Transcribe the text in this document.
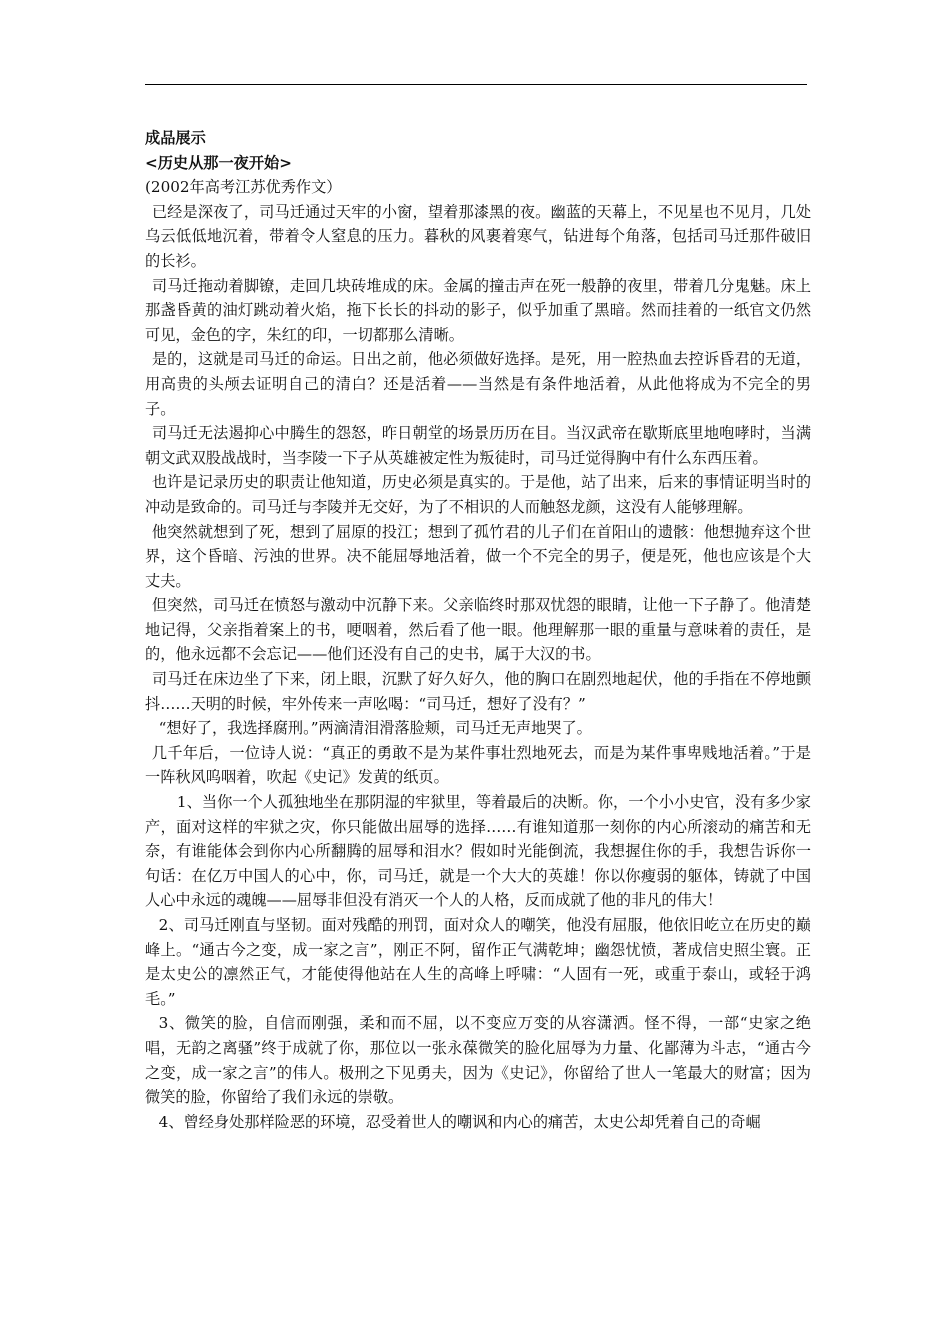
成品展示

<历史从那一夜开始>

(2002年高考江苏优秀作文）

已经是深夜了，司马迁通过天牢的小窗，望着那漆黑的夜。幽蓝的天幕上，不见星也不见月，几处乌云低低地沉着，带着令人窒息的压力。暮秋的风裹着寒气，钻进每个角落，包括司马迁那件破旧的长衫。

司马迁拖动着脚镣，走回几块砖堆成的床。金属的撞击声在死一般静的夜里，带着几分鬼魅。床上那盏昏黄的油灯跳动着火焰，拖下长长的抖动的影子，似乎加重了黑暗。然而挂着的一纸官文仍然可见，金色的字，朱红的印，一切都那么清晰。

是的，这就是司马迁的命运。日出之前，他必须做好选择。是死，用一腔热血去控诉昏君的无道，用高贵的头颅去证明自己的清白？还是活着——当然是有条件地活着，从此他将成为不完全的男子。

司马迁无法遏抑心中腾生的怨怒，昨日朝堂的场景历历在目。当汉武帝在歇斯底里地咆哮时，当满朝文武双股战战时，当李陵一下子从英雄被定性为叛徒时，司马迁觉得胸中有什么东西压着。

也许是记录历史的职责让他知道，历史必须是真实的。于是他，站了出来，后来的事情证明当时的冲动是致命的。司马迁与李陵并无交好，为了不相识的人而触怒龙颜，这没有人能够理解。

他突然就想到了死，想到了屈原的投江；想到了孤竹君的儿子们在首阳山的遗骸：他想抛弃这个世界，这个昏暗、污浊的世界。决不能屈辱地活着，做一个不完全的男子，便是死，他也应该是个大丈夫。

但突然，司马迁在愤怒与激动中沉静下来。父亲临终时那双忧怨的眼睛，让他一下子静了。他清楚地记得，父亲指着案上的书，哽咽着，然后看了他一眼。他理解那一眼的重量与意味着的责任，是的，他永远都不会忘记——他们还没有自己的史书，属于大汉的书。

司马迁在床边坐了下来，闭上眼，沉默了好久好久，他的胸口在剧烈地起伏，他的手指在不停地颤抖……天明的时候，牢外传来一声吆喝：“司马迁，想好了没有？”

“想好了，我选择腐刑。”两滴清泪滑落脸颊，司马迁无声地哭了。

几千年后，一位诗人说：“真正的勇敢不是为某件事壮烈地死去，而是为某件事卑贱地活着。”于是一阵秋风呜咽着，吹起《史记》发黄的纸页。

1、当你一个人孤独地坐在那阴湿的牢狱里，等着最后的决断。你，一个小小史官，没有多少家产，面对这样的牢狱之灾，你只能做出屈辱的选择……有谁知道那一刻你的内心所滚动的痛苦和无奈，有谁能体会到你内心所翻腾的屈辱和泪水？假如时光能倒流，我想握住你的手，我想告诉你一句话：在亿万中国人的心中，你，司马迁，就是一个大大的英雄！你以你瘦弱的躯体，铸就了中国人心中永远的魂魄——屈辱非但没有消灭一个人的人格，反而成就了他的非凡的伟大！

2、司马迁刚直与坚韧。面对残酷的刑罚，面对众人的嘲笑，他没有屈服，他依旧屹立在历史的巅峰上。“通古今之变，成一家之言”，刚正不阿，留作正气满乾坤；幽怨忧愤，著成信史照尘寰。正是太史公的凛然正气，才能使得他站在人生的高峰上呼啸：“人固有一死，或重于泰山，或轻于鸿毛。”

3、微笑的脸，自信而刚强，柔和而不屈，以不变应万变的从容潇洒。怪不得，一部“史家之绝唱，无韵之离骚”终于成就了你，那位以一张永葆微笑的脸化屈辱为力量、化鄙薄为斗志，“通古今之变，成一家之言”的伟人。极刑之下见勇夫，因为《史记》，你留给了世人一笔最大的财富；因为微笑的脸，你留给了我们永远的崇敬。

4、曾经身处那样险恶的环境，忍受着世人的嘲讽和内心的痛苦，太史公却凭着自己的奇崛
